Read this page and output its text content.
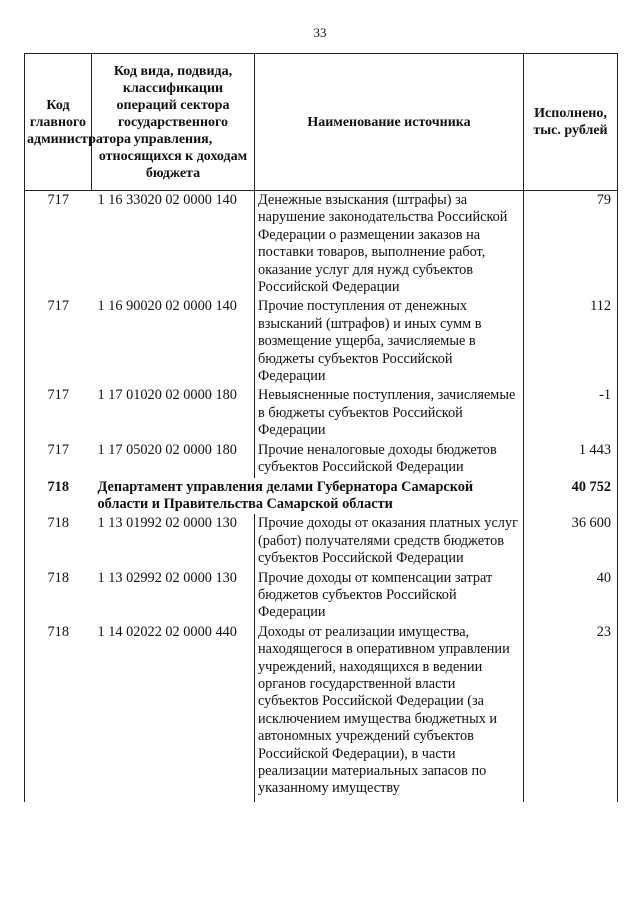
33
Код главного администратора	Код вида, подвида, классификации операций сектора государственного управления, относящихся к доходам бюджета	Наименование источника	Исполнено, тыс. рублей
717	1 16 33020 02 0000 140	Денежные взыскания (штрафы) за нарушение законодательства Российской Федерации о размещении заказов на поставки товаров, выполнение работ, оказание услуг для нужд субъектов Российской Федерации	79
717	1 16 90020 02 0000 140	Прочие поступления от денежных взысканий (штрафов) и иных сумм в возмещение ущерба, зачисляемые в бюджеты субъектов Российской Федерации	112
717	1 17 01020 02 0000 180	Невыясненные поступления, зачисляемые в бюджеты субъектов Российской Федерации	-1
717	1 17 05020 02 0000 180	Прочие неналоговые доходы бюджетов субъектов Российской Федерации	1 443
718	Департамент управления делами Губернатора Самарской области и Правительства Самарской области		40 752
718	1 13 01992 02 0000 130	Прочие доходы от оказания платных услуг (работ) получателями средств бюджетов субъектов Российской Федерации	36 600
718	1 13 02992 02 0000 130	Прочие доходы от компенсации затрат бюджетов субъектов Российской Федерации	40
718	1 14 02022 02 0000 440	Доходы от реализации имущества, находящегося в оперативном управлении учреждений, находящихся в ведении органов государственной власти субъектов Российской Федерации (за исключением имущества бюджетных и автономных учреждений субъектов Российской Федерации), в части реализации материальных запасов по указанному имуществу	23
